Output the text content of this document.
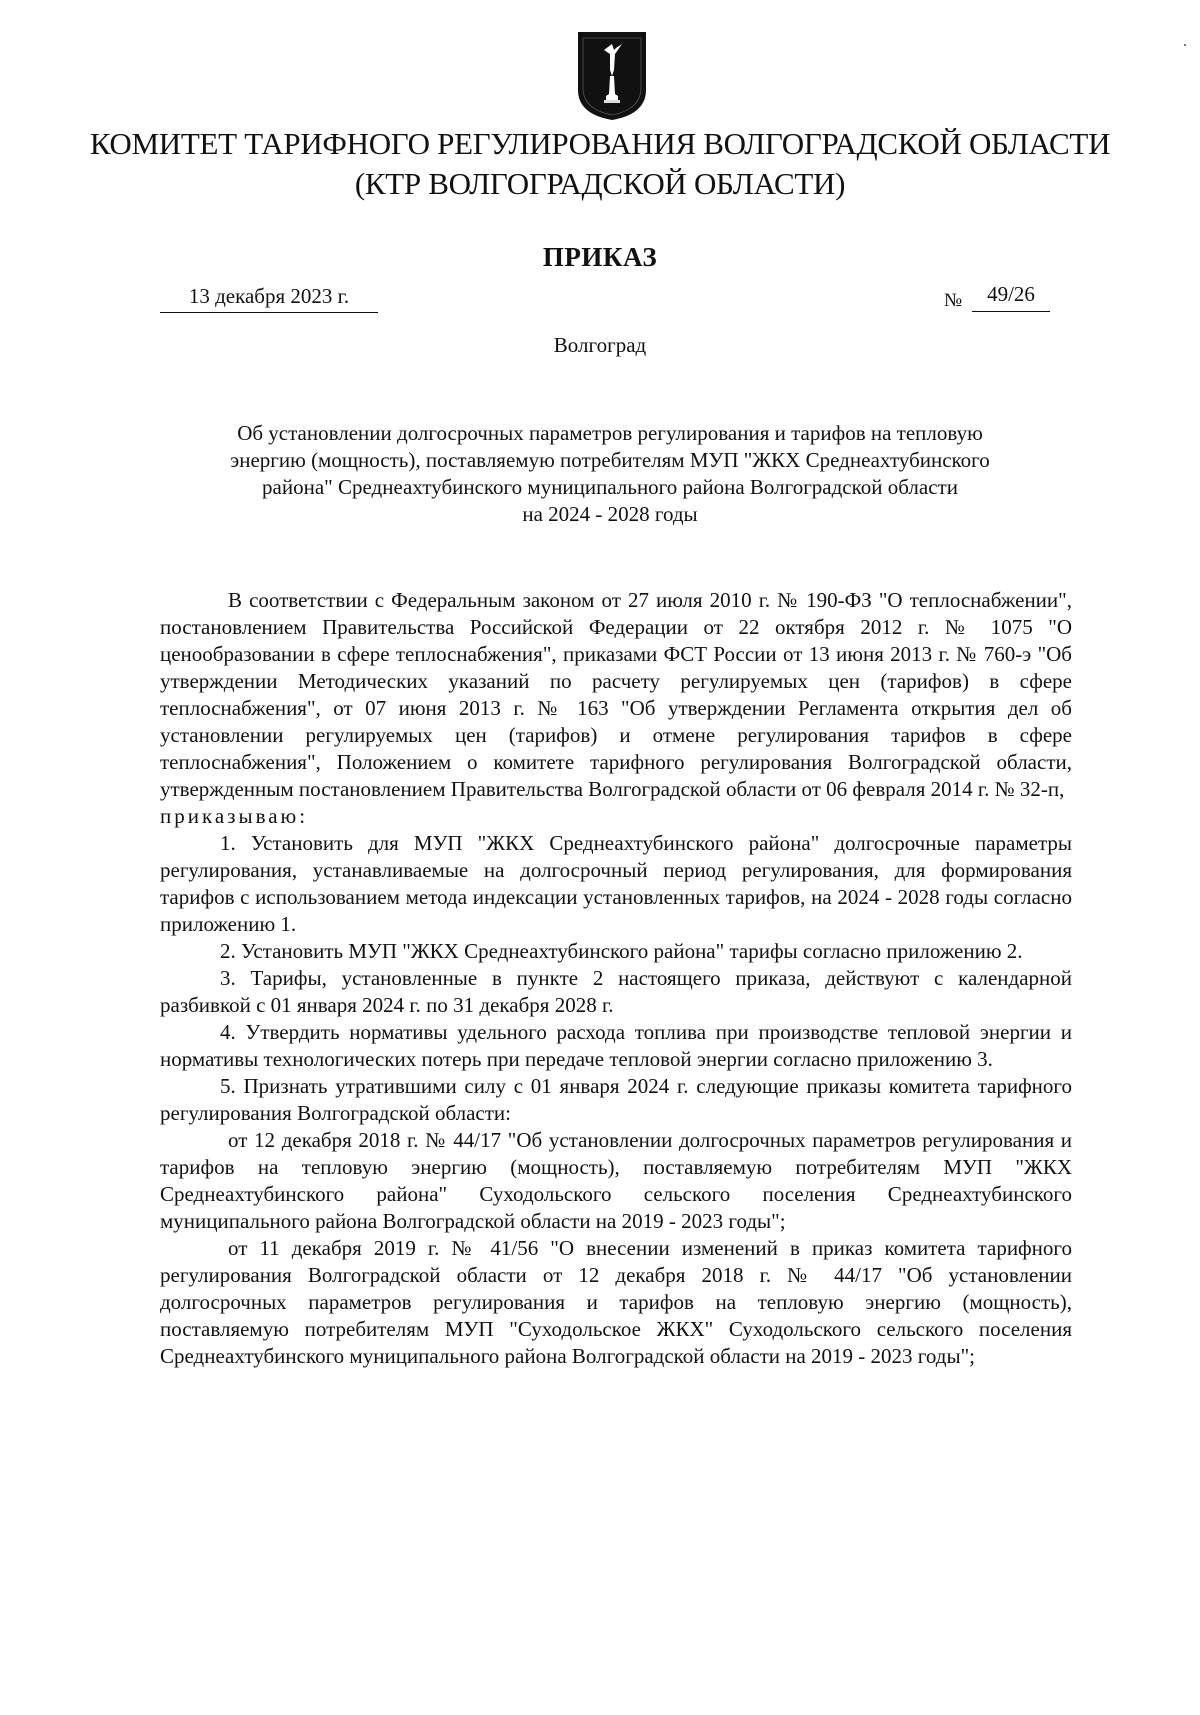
КОМИТЕТ ТАРИФНОГО РЕГУЛИРОВАНИЯ ВОЛГОГРАДСКОЙ ОБЛАСТИ
(КТР ВОЛГОГРАДСКОЙ ОБЛАСТИ)
ПРИКАЗ
13 декабря 2023 г.	№	49/26
Волгоград
Об установлении долгосрочных параметров регулирования и тарифов на тепловую
энергию (мощность), поставляемую потребителям МУП "ЖКХ Среднеахтубинского
района" Среднеахтубинского муниципального района Волгоградской области
на 2024 - 2028 годы

В соответствии с Федеральным законом от 27 июля 2010 г. № 190-ФЗ "О теплоснабжении", постановлением Правительства Российской Федерации от 22 октября 2012 г. № 1075 "О ценообразовании в сфере теплоснабжения", приказами ФСТ России от 13 июня 2013 г. № 760-э "Об утверждении Методических указаний по расчету регулируемых цен (тарифов) в сфере теплоснабжения", от 07 июня 2013 г. № 163 "Об утверждении Регламента открытия дел об установлении регулируемых цен (тарифов) и отмене регулирования тарифов в сфере теплоснабжения", Положением о комитете тарифного регулирования Волгоградской области, утвержденным постановлением Правительства Волгоградской области от 06 февраля 2014 г. № 32-п,

приказываю:

1. Установить для МУП "ЖКХ Среднеахтубинского района" долгосрочные параметры регулирования, устанавливаемые на долгосрочный период регулирования, для формирования тарифов с использованием метода индексации установленных тарифов, на 2024 - 2028 годы согласно приложению 1.

2. Установить МУП "ЖКХ Среднеахтубинского района" тарифы согласно приложению 2.

3. Тарифы, установленные в пункте 2 настоящего приказа, действуют с календарной разбивкой с 01 января 2024 г. по 31 декабря 2028 г.

4. Утвердить нормативы удельного расхода топлива при производстве тепловой энергии и нормативы технологических потерь при передаче тепловой энергии согласно приложению 3.

5. Признать утратившими силу с 01 января 2024 г. следующие приказы комитета тарифного регулирования Волгоградской области:

от 12 декабря 2018 г. № 44/17 "Об установлении долгосрочных параметров регулирования и тарифов на тепловую энергию (мощность), поставляемую потребителям МУП "ЖКХ Среднеахтубинского района" Суходольского сельского поселения Среднеахтубинского муниципального района Волгоградской области на 2019 - 2023 годы";

от 11 декабря 2019 г. № 41/56 "О внесении изменений в приказ комитета тарифного регулирования Волгоградской области от 12 декабря 2018 г. № 44/17 "Об установлении долгосрочных параметров регулирования и тарифов на тепловую энергию (мощность), поставляемую потребителям МУП "Суходольское ЖКХ" Суходольского сельского поселения Среднеахтубинского муниципального района Волгоградской области на 2019 - 2023 годы";
